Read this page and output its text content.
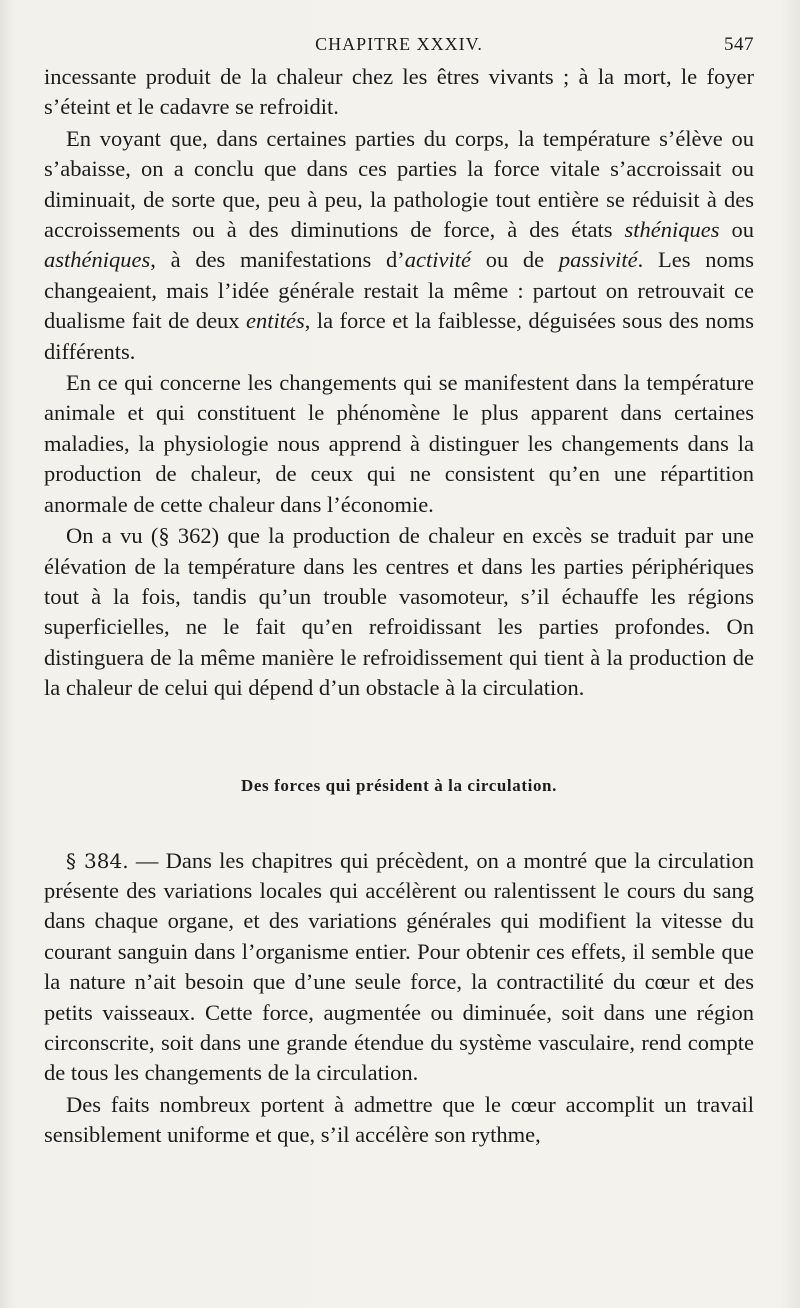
CHAPITRE XXXIV.	547

incessante produit de la chaleur chez les êtres vivants ; à la mort, le foyer s’éteint et le cadavre se refroidit.

En voyant que, dans certaines parties du corps, la température s’élève ou s’abaisse, on a conclu que dans ces parties la force vitale s’accroissait ou diminuait, de sorte que, peu à peu, la pathologie tout entière se réduisit à des accroissements ou à des diminutions de force, à des états sthéniques ou asthéniques, à des manifestations d’activité ou de passivité. Les noms changeaient, mais l’idée générale restait la même : partout on retrouvait ce dualisme fait de deux entités, la force et la faiblesse, déguisées sous des noms différents.

En ce qui concerne les changements qui se manifestent dans la température animale et qui constituent le phénomène le plus apparent dans certaines maladies, la physiologie nous apprend à distinguer les changements dans la production de chaleur, de ceux qui ne consistent qu’en une répartition anormale de cette chaleur dans l’économie.

On a vu (§ 362) que la production de chaleur en excès se traduit par une élévation de la température dans les centres et dans les parties périphériques tout à la fois, tandis qu’un trouble vasomoteur, s’il échauffe les régions superficielles, ne le fait qu’en refroidissant les parties profondes. On distinguera de la même manière le refroidissement qui tient à la production de la chaleur de celui qui dépend d’un obstacle à la circulation.

Des forces qui président à la circulation.

§ 384. — Dans les chapitres qui précèdent, on a montré que la circulation présente des variations locales qui accélèrent ou ralentissent le cours du sang dans chaque organe, et des variations générales qui modifient la vitesse du courant sanguin dans l’organisme entier. Pour obtenir ces effets, il semble que la nature n’ait besoin que d’une seule force, la contractilité du cœur et des petits vaisseaux. Cette force, augmentée ou diminuée, soit dans une région circonscrite, soit dans une grande étendue du système vasculaire, rend compte de tous les changements de la circulation.

Des faits nombreux portent à admettre que le cœur accomplit un travail sensiblement uniforme et que, s’il accélère son rythme,
